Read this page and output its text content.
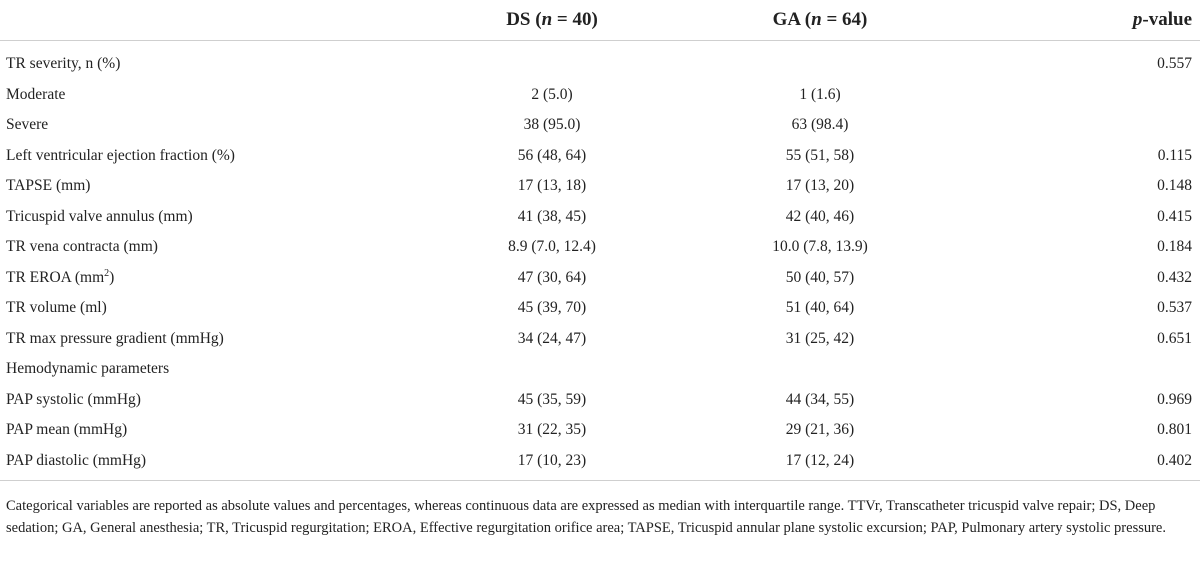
	DS (n = 40)	GA (n = 64)	p-value
TR severity, n (%)			0.557
Moderate	2 (5.0)	1 (1.6)	
Severe	38 (95.0)	63 (98.4)	
Left ventricular ejection fraction (%)	56 (48, 64)	55 (51, 58)	0.115
TAPSE (mm)	17 (13, 18)	17 (13, 20)	0.148
Tricuspid valve annulus (mm)	41 (38, 45)	42 (40, 46)	0.415
TR vena contracta (mm)	8.9 (7.0, 12.4)	10.0 (7.8, 13.9)	0.184
TR EROA $(mm^2)$	47 (30, 64)	50 (40, 57)	0.432
TR volume (ml)	45 (39, 70)	51 (40, 64)	0.537
TR max pressure gradient (mmHg)	34 (24, 47)	31 (25, 42)	0.651
Hemodynamic parameters			
PAP systolic (mmHg)	45 (35, 59)	44 (34, 55)	0.969
PAP mean (mmHg)	31 (22, 35)	29 (21, 36)	0.801
PAP diastolic (mmHg)	17 (10, 23)	17 (12, 24)	0.402
Categorical variables are reported as absolute values and percentages, whereas continuous data are expressed as median with interquartile range. TTVr, Transcatheter tricuspid valve repair; DS, Deep sedation; GA, General anesthesia; TR, Tricuspid regurgitation; EROA, Effective regurgitation orifice area; TAPSE, Tricuspid annular plane systolic excursion; PAP, Pulmonary artery systolic pressure.
